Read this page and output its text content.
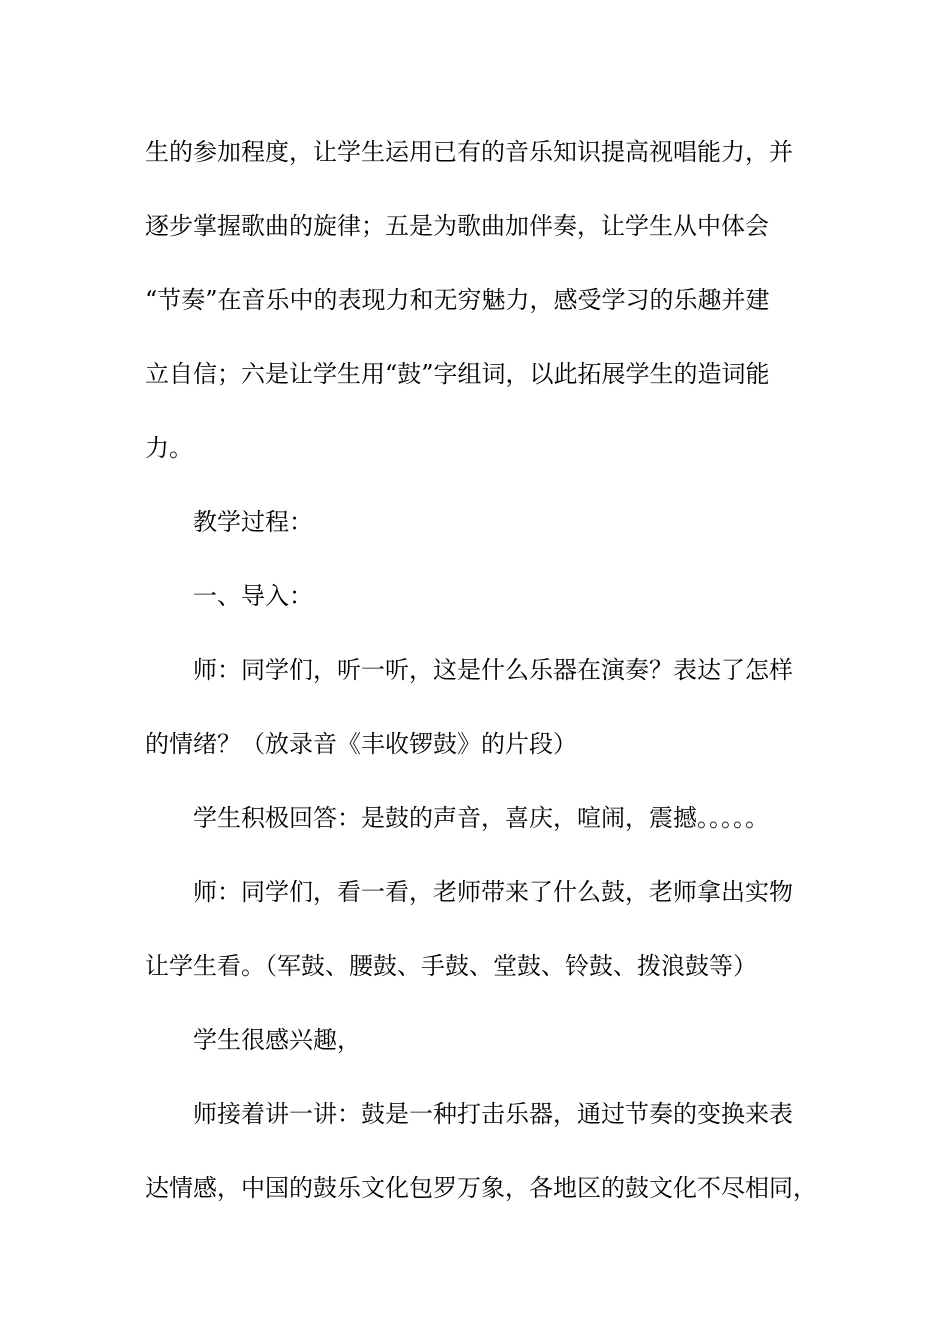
生的参加程度，让学生运用已有的音乐知识提高视唱能力，并
逐步掌握歌曲的旋律；五是为歌曲加伴奏，让学生从中体会
“节奏”在音乐中的表现力和无穷魅力，感受学习的乐趣并建
立自信；六是让学生用“鼓”字组词，以此拓展学生的造词能
力。
教学过程：
一、导入：
师：同学们，听一听，这是什么乐器在演奏？表达了怎样
的情绪？（放录音《丰收锣鼓》的片段）
学生积极回答：是鼓的声音，喜庆，喧闹，震撼。。。。。
师：同学们，看一看，老师带来了什么鼓，老师拿出实物
让学生看。（军鼓、腰鼓、手鼓、堂鼓、铃鼓、拨浪鼓等）
学生很感兴趣，
师接着讲一讲：鼓是一种打击乐器，通过节奏的变换来表
达情感，中国的鼓乐文化包罗万象，各地区的鼓文化不尽相同，
